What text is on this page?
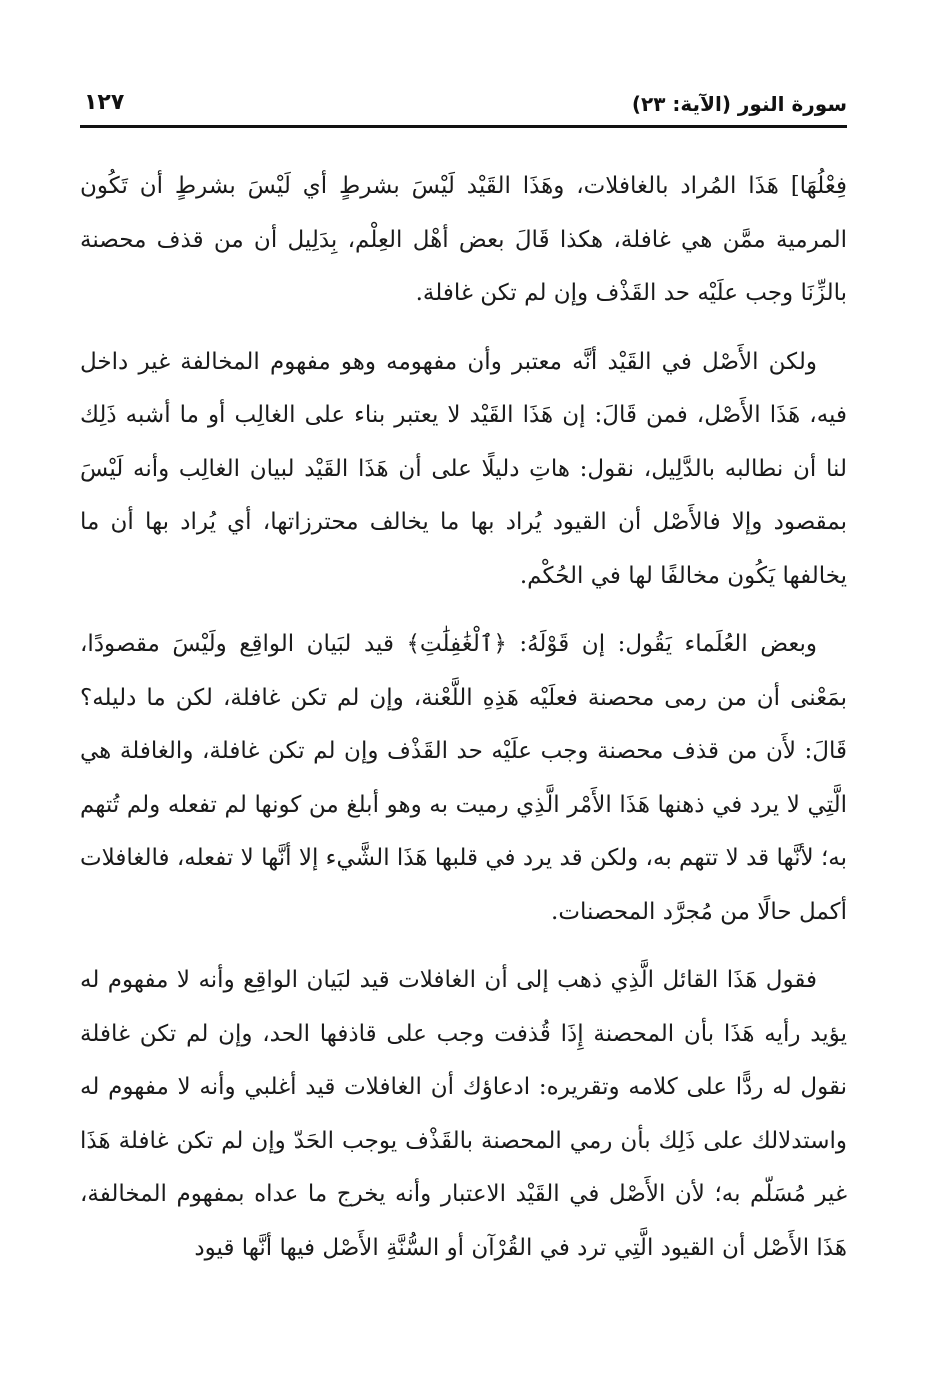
سورة النور (الآية: ٢٣)
١٢٧

فِعْلُهَا] هَذَا المُراد بالغافلات، وهَذَا القَيْد لَيْسَ بشرطٍ أي لَيْسَ بشرطٍ أن تَكُون المرمية ممَّن هي غافلة، هكذا قَالَ بعض أهْل العِلْم، بِدَلِيل أن من قذف محصنة بالزِّنَا وجب علَيْه حد القَذْف وإن لم تكن غافلة.

ولكن الأَصْل في القَيْد أنَّه معتبر وأن مفهومه وهو مفهوم المخالفة غير داخل فيه، هَذَا الأَصْل، فمن قَالَ: إن هَذَا القَيْد لا يعتبر بناء على الغالِب أو ما أشبه ذَلِك لنا أن نطالبه بالدَّلِيل، نقول: هاتِ دليلًا على أن هَذَا القَيْد لبيان الغالِب وأنه لَيْسَ بمقصود وإلا فالأَصْل أن القيود يُراد بها ما يخالف محترزاتها، أي يُراد بها أن ما يخالفها يَكُون مخالفًا لها في الحُكْم.

وبعض العُلَماء يَقُول: إن قَوْلَهُ: ﴿ٱلْغَٰفِلَٰتِ﴾ قيد لبَيان الواقِع ولَيْسَ مقصودًا، بمَعْنى أن من رمى محصنة فعلَيْه هَذِهِ اللَّعْنة، وإن لم تكن غافلة، لكن ما دليله؟ قَالَ: لأَن من قذف محصنة وجب علَيْه حد القَذْف وإن لم تكن غافلة، والغافلة هي الَّتِي لا يرد في ذهنها هَذَا الأَمْر الَّذِي رميت به وهو أبلغ من كونها لم تفعله ولم تُتهم به؛ لأنَّها قد لا تتهم به، ولكن قد يرد في قلبها هَذَا الشَّيء إلا أنَّها لا تفعله، فالغافلات أكمل حالًا من مُجرَّد المحصنات.

فقول هَذَا القائل الَّذِي ذهب إلى أن الغافلات قيد لبَيان الواقِع وأنه لا مفهوم له يؤيد رأيه هَذَا بأن المحصنة إِذَا قُذفت وجب على قاذفها الحد، وإن لم تكن غافلة نقول له ردًّا على كلامه وتقريره: ادعاؤك أن الغافلات قيد أغلبي وأنه لا مفهوم له واستدلالك على ذَلِك بأن رمي المحصنة بالقَذْف يوجب الحَدّ وإن لم تكن غافلة هَذَا غير مُسَلّم به؛ لأن الأَصْل في القَيْد الاعتبار وأنه يخرج ما عداه بمفهوم المخالفة، هَذَا الأَصْل أن القيود الَّتِي ترد في القُرْآن أو السُّنَّةِ الأَصْل فيها أنَّها قيود
